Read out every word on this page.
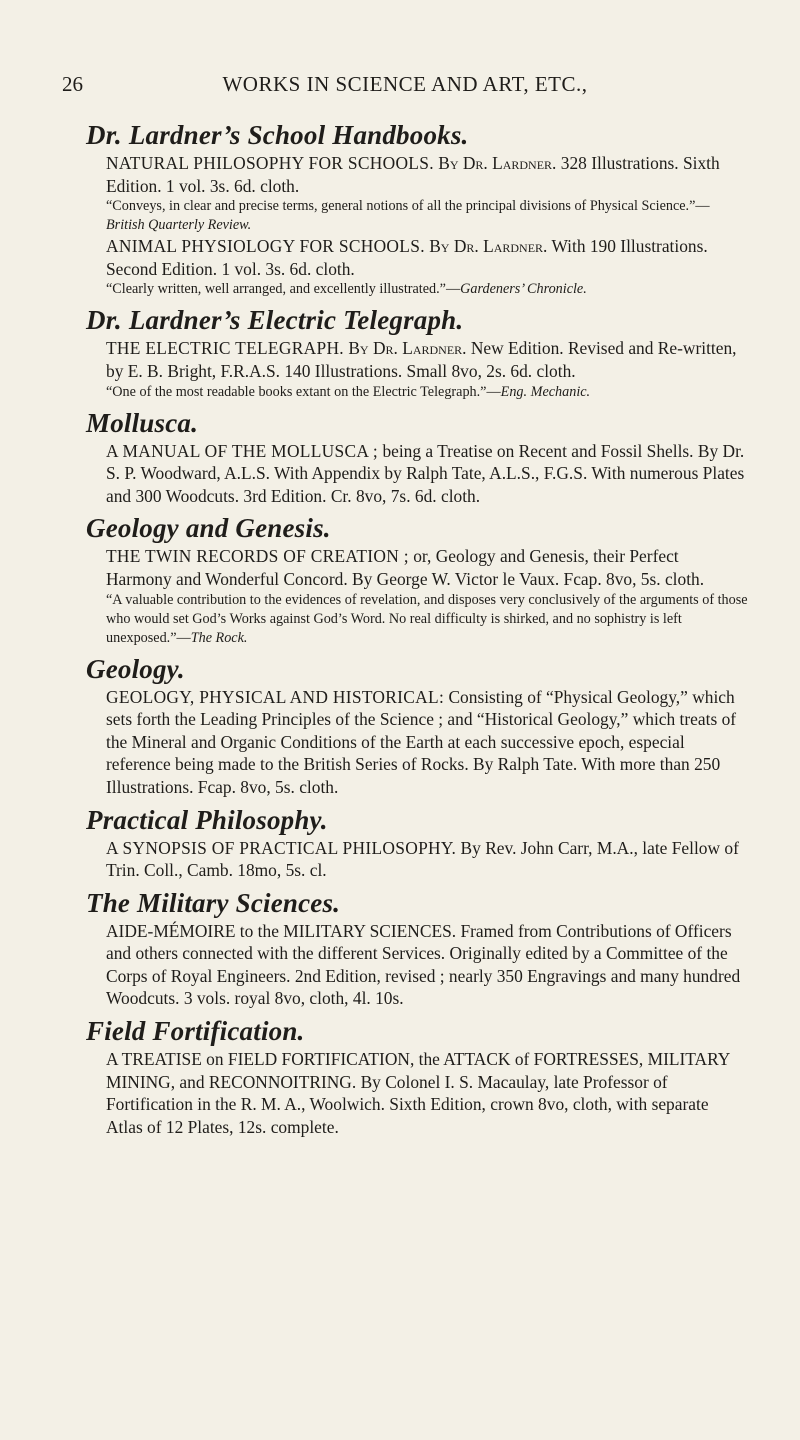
26	WORKS IN SCIENCE AND ART, ETC.,
Dr. Lardner’s School Handbooks.

NATURAL PHILOSOPHY FOR SCHOOLS. By Dr. Lardner. 328 Illustrations. Sixth Edition. 1 vol. 3s. 6d. cloth.

“Conveys, in clear and precise terms, general notions of all the principal divisions of Physical Science.”—British Quarterly Review.

ANIMAL PHYSIOLOGY FOR SCHOOLS. By Dr. Lardner. With 190 Illustrations. Second Edition. 1 vol. 3s. 6d. cloth.

“Clearly written, well arranged, and excellently illustrated.”—Gardeners’ Chronicle.

Dr. Lardner’s Electric Telegraph.

THE ELECTRIC TELEGRAPH. By Dr. Lardner. New Edition. Revised and Re-written, by E. B. Bright, F.R.A.S. 140 Illustrations. Small 8vo, 2s. 6d. cloth.

“One of the most readable books extant on the Electric Telegraph.”—Eng. Mechanic.

Mollusca.

A MANUAL OF THE MOLLUSCA ; being a Treatise on Recent and Fossil Shells. By Dr. S. P. Woodward, A.L.S. With Appendix by Ralph Tate, A.L.S., F.G.S. With numerous Plates and 300 Woodcuts. 3rd Edition. Cr. 8vo, 7s. 6d. cloth.

Geology and Genesis.

THE TWIN RECORDS OF CREATION ; or, Geology and Genesis, their Perfect Harmony and Wonderful Concord. By George W. Victor le Vaux. Fcap. 8vo, 5s. cloth.

“A valuable contribution to the evidences of revelation, and disposes very conclusively of the arguments of those who would set God’s Works against God’s Word. No real difficulty is shirked, and no sophistry is left unexposed.”—The Rock.

Geology.

GEOLOGY, PHYSICAL AND HISTORICAL: Consisting of “Physical Geology,” which sets forth the Leading Principles of the Science ; and “Historical Geology,” which treats of the Mineral and Organic Conditions of the Earth at each successive epoch, especial reference being made to the British Series of Rocks. By Ralph Tate. With more than 250 Illustrations. Fcap. 8vo, 5s. cloth.

Practical Philosophy.

A SYNOPSIS OF PRACTICAL PHILOSOPHY. By Rev. John Carr, M.A., late Fellow of Trin. Coll., Camb. 18mo, 5s. cl.

The Military Sciences.

AIDE-MÉMOIRE to the MILITARY SCIENCES. Framed from Contributions of Officers and others connected with the different Services. Originally edited by a Committee of the Corps of Royal Engineers. 2nd Edition, revised ; nearly 350 Engravings and many hundred Woodcuts. 3 vols. royal 8vo, cloth, 4l. 10s.

Field Fortification.

A TREATISE on FIELD FORTIFICATION, the ATTACK of FORTRESSES, MILITARY MINING, and RECONNOITRING. By Colonel I. S. Macaulay, late Professor of Fortification in the R. M. A., Woolwich. Sixth Edition, crown 8vo, cloth, with separate Atlas of 12 Plates, 12s. complete.
